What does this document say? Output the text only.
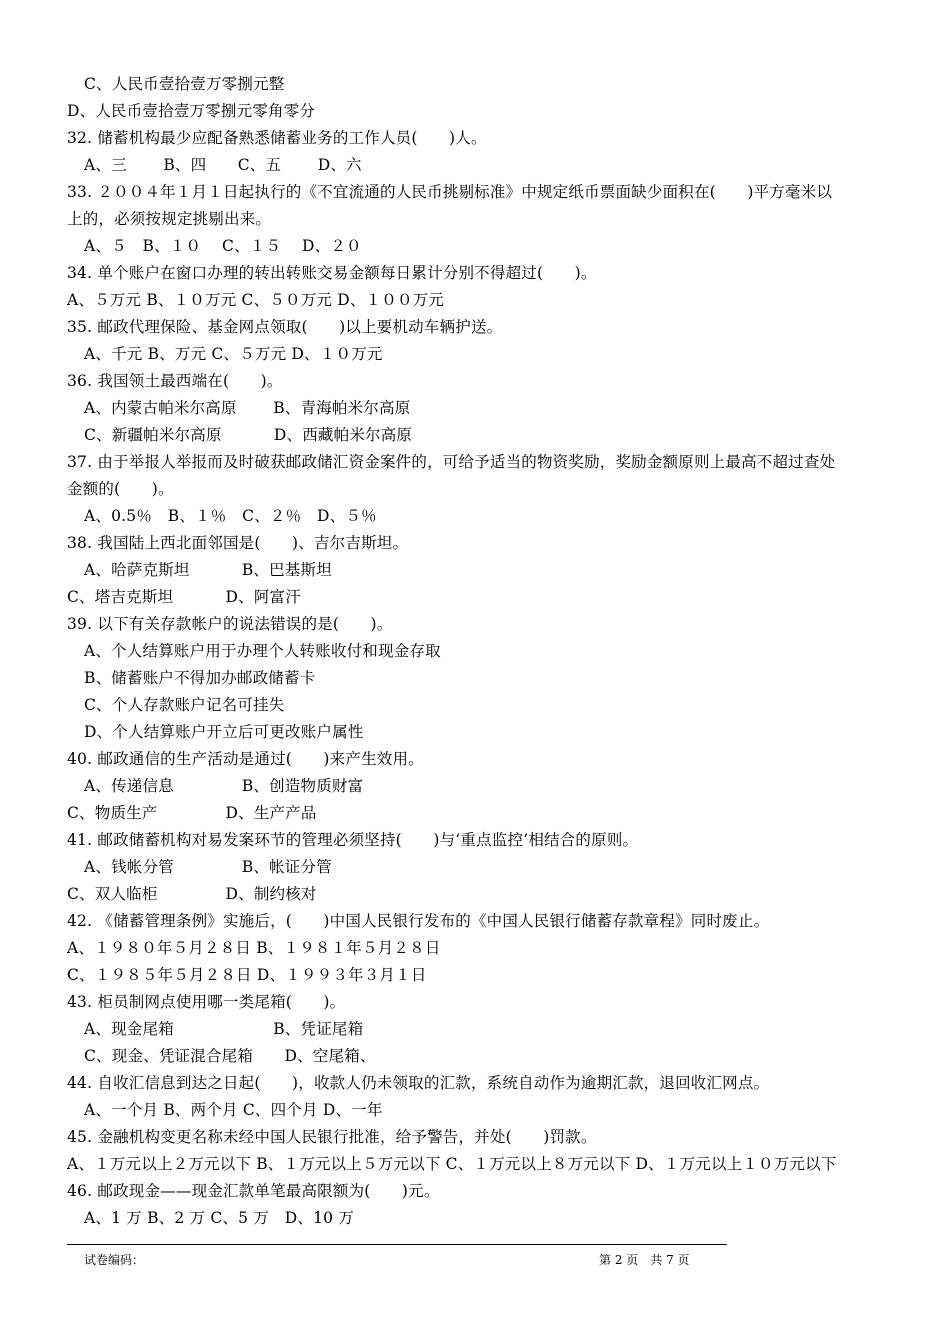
C、人民币壹拾壹万零捌元整
D、人民币壹拾壹万零捌元零角零分
32. 储蓄机构最少应配备熟悉储蓄业务的工作人员(　　)人。
A、三　　 B、四　　C、五　　 D、六
33. ２００４年１月１日起执行的《不宜流通的人民币挑剔标准》中规定纸币票面缺少面积在(　　)平方毫米以
上的，必须按规定挑剔出来。
A、５　B、１０　 C、１５　 D、２０
34. 单个账户在窗口办理的转出转账交易金额每日累计分别不得超过(　　)。
A、５万元 B、１０万元 C、５０万元 D、１００万元
35. 邮政代理保险、基金网点领取(　　)以上要机动车辆护送。
A、千元 B、万元 C、５万元 D、１０万元
36. 我国领土最西端在(　　)。
A、内蒙古帕米尔高原　　 B、青海帕米尔高原
C、新疆帕米尔高原　　　 D、西藏帕米尔高原
37. 由于举报人举报而及时破获邮政储汇资金案件的，可给予适当的物资奖励，奖励金额原则上最高不超过查处
金额的(　　)。
A、0.5％　B、１％　C、２％　D、５％
38. 我国陆上西北面邻国是(　　)、吉尔吉斯坦。
A、哈萨克斯坦　　　 B、巴基斯坦
C、塔吉克斯坦　　　 D、阿富汗
39. 以下有关存款帐户的说法错误的是(　　)。
A、个人结算账户用于办理个人转账收付和现金存取
B、储蓄账户不得加办邮政储蓄卡
C、个人存款账户记名可挂失
D、个人结算账户开立后可更改账户属性
40. 邮政通信的生产活动是通过(　　)来产生效用。
A、传递信息　　　　 B、创造物质财富
C、物质生产　　　　 D、生产产品
41. 邮政储蓄机构对易发案环节的管理必须坚持(　　)与‘重点监控’相结合的原则。
A、钱帐分管　　　　 B、帐证分管
C、双人临柜　　　　 D、制约核对
42. 《储蓄管理条例》实施后，(　　)中国人民银行发布的《中国人民银行储蓄存款章程》同时废止。
A、１９８０年５月２８日 B、１９８１年５月２８日
C、１９８５年５月２８日 D、１９９３年３月１日
43. 柜员制网点使用哪一类尾箱(　　)。
A、现金尾箱　　　　　　 B、凭证尾箱
C、现金、凭证混合尾箱　　D、空尾箱、
44. 自收汇信息到达之日起(　　)，收款人仍未领取的汇款，系统自动作为逾期汇款，退回收汇网点。
A、一个月 B、两个月 C、四个月 D、一年
45. 金融机构变更名称未经中国人民银行批准，给予警告，并处(　　)罚款。
A、１万元以上２万元以下 B、１万元以上５万元以下 C、１万元以上８万元以下 D、１万元以上１０万元以下
46. 邮政现金——现金汇款单笔最高限额为(　　)元。
A、1 万 B、2 万 C、5 万　D、10 万
试卷编码：	第 2 页　共 7 页
